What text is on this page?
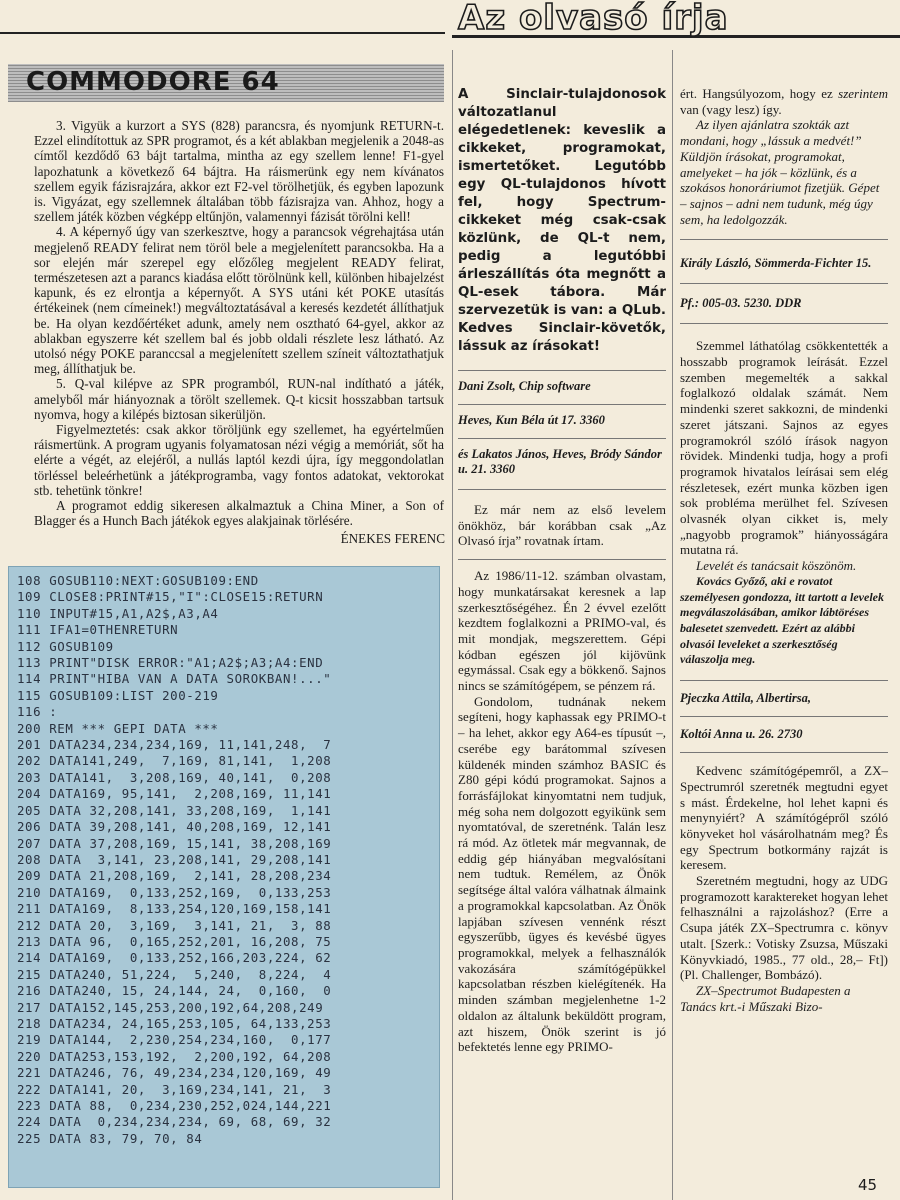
Az olvasó írja
COMMODORE 64

3. Vigyük a kurzort a SYS (828) parancsra, és nyomjunk RETURN-t. Ezzel elindítottuk az SPR programot, és a két ablakban megjelenik a 2048-as címtől kezdődő 63 bájt tartalma, mintha az egy szellem lenne! F1-gyel lapozhatunk a következő 64 bájtra. Ha ráismerünk egy nem kívánatos szellem egyik fázisrajzára, akkor ezt F2-vel törölhetjük, és egyben lapozunk is. Vigyázat, egy szellemnek általában több fázisrajza van. Ahhoz, hogy a szellem játék közben végképp eltűnjön, valamennyi fázisát törölni kell!

4. A képernyő úgy van szerkesztve, hogy a parancsok végrehajtása után megjelenő READY felirat nem töröl bele a megjelenített parancsokba. Ha a sor elején már szerepel egy előzőleg megjelent READY felirat, természetesen azt a parancs kiadása előtt törölnünk kell, különben hibajelzést kapunk, és ez elrontja a képernyőt. A SYS utáni két POKE utasítás értékeinek (nem címeinek!) megváltoztatásával a keresés kezdetét állíthatjuk be. Ha olyan kezdőértéket adunk, amely nem osztható 64-gyel, akkor az ablakban egyszerre két szellem bal és jobb oldali részlete lesz látható. Az utolsó négy POKE paranccsal a megjelenített szellem színeit változtathatjuk meg, állíthatjuk be.

5. Q-val kilépve az SPR programból, RUN-nal indítható a játék, amelyből már hiányoznak a törölt szellemek. Q-t kicsit hosszabban tartsuk nyomva, hogy a kilépés biztosan sikerüljön.

Figyelmeztetés: csak akkor töröljünk egy szellemet, ha egyértelműen ráismertünk. A program ugyanis folyamatosan nézi végig a memóriát, sőt ha elérte a végét, az elejéről, a nullás laptól kezdi újra, így meggondolatlan törléssel beleérhetünk a játékprogramba, vagy fontos adatokat, vektorokat stb. tehetünk tönkre!

A programot eddig sikeresen alkalmaztuk a China Miner, a Son of Blagger és a Hunch Bach játékok egyes alakjainak törlésére.

ÉNEKES FERENC
108 GOSUB110:NEXT:GOSUB109:END
109 CLOSE8:PRINT#15,"I":CLOSE15:RETURN
110 INPUT#15,A1,A2$,A3,A4
111 IFA1=0THENRETURN
112 GOSUB109
113 PRINT"DISK ERROR:"A1;A2$;A3;A4:END
114 PRINT"HIBA VAN A DATA SOROKBAN!..."
115 GOSUB109:LIST 200-219
116 :
200 REM *** GEPI DATA ***
201 DATA234,234,234,169, 11,141,248,  7
202 DATA141,249,  7,169, 81,141,  1,208
203 DATA141,  3,208,169, 40,141,  0,208
204 DATA169, 95,141,  2,208,169, 11,141
205 DATA 32,208,141, 33,208,169,  1,141
206 DATA 39,208,141, 40,208,169, 12,141
207 DATA 37,208,169, 15,141, 38,208,169
208 DATA  3,141, 23,208,141, 29,208,141
209 DATA 21,208,169,  2,141, 28,208,234
210 DATA169,  0,133,252,169,  0,133,253
211 DATA169,  8,133,254,120,169,158,141
212 DATA 20,  3,169,  3,141, 21,  3, 88
213 DATA 96,  0,165,252,201, 16,208, 75
214 DATA169,  0,133,252,166,203,224, 62
215 DATA240, 51,224,  5,240,  8,224,  4
216 DATA240, 15, 24,144, 24,  0,160,  0
217 DATA152,145,253,200,192,64,208,249
218 DATA234, 24,165,253,105, 64,133,253
219 DATA144,  2,230,254,234,160,  0,177
220 DATA253,153,192,  2,200,192, 64,208
221 DATA246, 76, 49,234,234,120,169, 49
222 DATA141, 20,  3,169,234,141, 21,  3
223 DATA 88,  0,234,230,252,024,144,221
224 DATA  0,234,234,234, 69, 68, 69, 32
225 DATA 83, 79, 70, 84

A Sinclair-tulajdonosok változatlanul elégedetlenek: keveslik a cikkeket, programokat, ismertetőket. Legutóbb egy QL-tulajdonos hívott fel, hogy Spectrum-cikkeket még csak-csak közlünk, de QL-t nem, pedig a legutóbbi árleszállítás óta megnőtt a QL-esek tábora. Már szervezetük is van: a QLub. Kedves Sinclair-követők, lássuk az írásokat!

Dani Zsolt, Chip software

Heves, Kun Béla út 17. 3360

és Lakatos János, Heves, Bródy Sándor u. 21. 3360

Ez már nem az első levelem önökhöz, bár korábban csak „Az Olvasó írja” rovatnak írtam.

Az 1986/11-12. számban olvastam, hogy munkatársakat keresnek a lap szerkesztőségéhez. Én 2 évvel ezelőtt kezdtem foglalkozni a PRIMO-val, és mit mondjak, megszerettem. Gépi kódban egészen jól kijövünk egymással. Csak egy a bökkenő. Sajnos nincs se számítógépem, se pénzem rá.

Gondolom, tudnának nekem segíteni, hogy kaphassak egy PRIMO-t – ha lehet, akkor egy A64-es típusút –, cserébe egy barátommal szívesen küldenék minden számhoz BASIC és Z80 gépi kódú programokat. Sajnos a forrásfájlokat kinyomtatni nem tudjuk, még soha nem dolgozott egyikünk sem nyomtatóval, de szeretnénk. Talán lesz rá mód. Az ötletek már megvannak, de eddig gép hiányában megvalósítani nem tudtuk. Remélem, az Önök segítsége által valóra válhatnak álmaink a programokkal kapcsolatban. Az Önök lapjában szívesen vennénk részt egyszerűbb, ügyes és kevésbé ügyes programokkal, melyek a felhasználók vakozására számítógépükkel kapcsolatban részben kielégítenék. Ha minden számban megjelenhetne 1-2 oldalon az általunk beküldött program, azt hiszem, Önök szerint is jó befektetés lenne egy PRIMO-

ért. Hangsúlyozom, hogy ez szerintem van (vagy lesz) így.

Az ilyen ajánlatra szokták azt mondani, hogy „lássuk a medvét!” Küldjön írásokat, programokat, amelyeket – ha jók – közlünk, és a szokásos honoráriumot fizetjük. Gépet – sajnos – adni nem tudunk, még úgy sem, ha ledolgozzák.

Király László, Sömmerda-Fichter 15.

Pf.: 005-03. 5230. DDR

Szemmel láthatólag csökkentették a hosszabb programok leírását. Ezzel szemben megemelték a sakkal foglalkozó oldalak számát. Nem mindenki szeret sakkozni, de mindenki szeret játszani. Sajnos az egyes programokról szóló írások nagyon rövidek. Mindenki tudja, hogy a profi programok hivatalos leírásai sem elég részletesek, ezért munka közben igen sok probléma merülhet fel. Szívesen olvasnék olyan cikket is, mely „nagyobb programok” hiányosságára mutatna rá.

Levelét és tanácsait köszönöm.

Kovács Győző, aki e rovatot személyesen gondozza, itt tartott a levelek megválaszolásában, amikor lábtöréses balesetet szenvedett. Ezért az alábbi olvasói leveleket a szerkesztőség válaszolja meg.

Pjeczka Attila, Albertirsa,

Koltói Anna u. 26. 2730

Kedvenc számítógépemről, a ZX–Spectrumról szeretnék megtudni egyet s mást. Érdekelne, hol lehet kapni és menynyiért? A számítógépről szóló könyveket hol vásárolhatnám meg? És egy Spectrum botkormány rajzát is keresem.

Szeretném megtudni, hogy az UDG programozott karaktereket hogyan lehet felhasználni a rajzoláshoz? (Erre a Csupa játék ZX–Spectrumra c. könyv utalt. [Szerk.: Votisky Zsuzsa, Műszaki Könyvkiadó, 1985., 77 old., 28,– Ft]) (Pl. Challenger, Bombázó).

ZX–Spectrumot Budapesten a Tanács krt.-i Műszaki Bizo-

45
